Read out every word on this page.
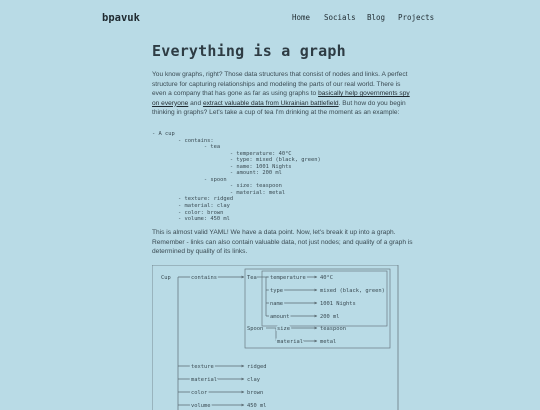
bpavuk	Home Socials Blog Projects
Everything is a graph

You know graphs, right? Those data structures that consist of nodes and links. A perfect structure for capturing relationships and modeling the parts of our real world. There is even a company that has gone as far as using graphs to basically help governments spy on everyone and extract valuable data from Ukrainian battlefield. But how do you begin thinking in graphs? Let's take a cup of tea I'm drinking at the moment as an example:

- A cup
- contains:
- tea
- temperature: 40°C
- type: mixed (black, green)
- name: 1001 Nights
- amount: 200 ml
- spoon
- size: teaspoon
- material: metal
- texture: ridged
- material: clay
- color: brown
- volume: 450 ml

This is almost valid YAML! We have a data point. Now, let's break it up into a graph. Remember - links can also contain valuable data, not just nodes; and quality of a graph is determined by quality of its links.

Cup	contains	Tea temperature	40°C
type	mixed (black, green)
name	1001 Nights
amount	200 ml
Spoon	size	teaspoon
material	metal
texture	ridged
material	clay
color	brown
volume	450 ml
